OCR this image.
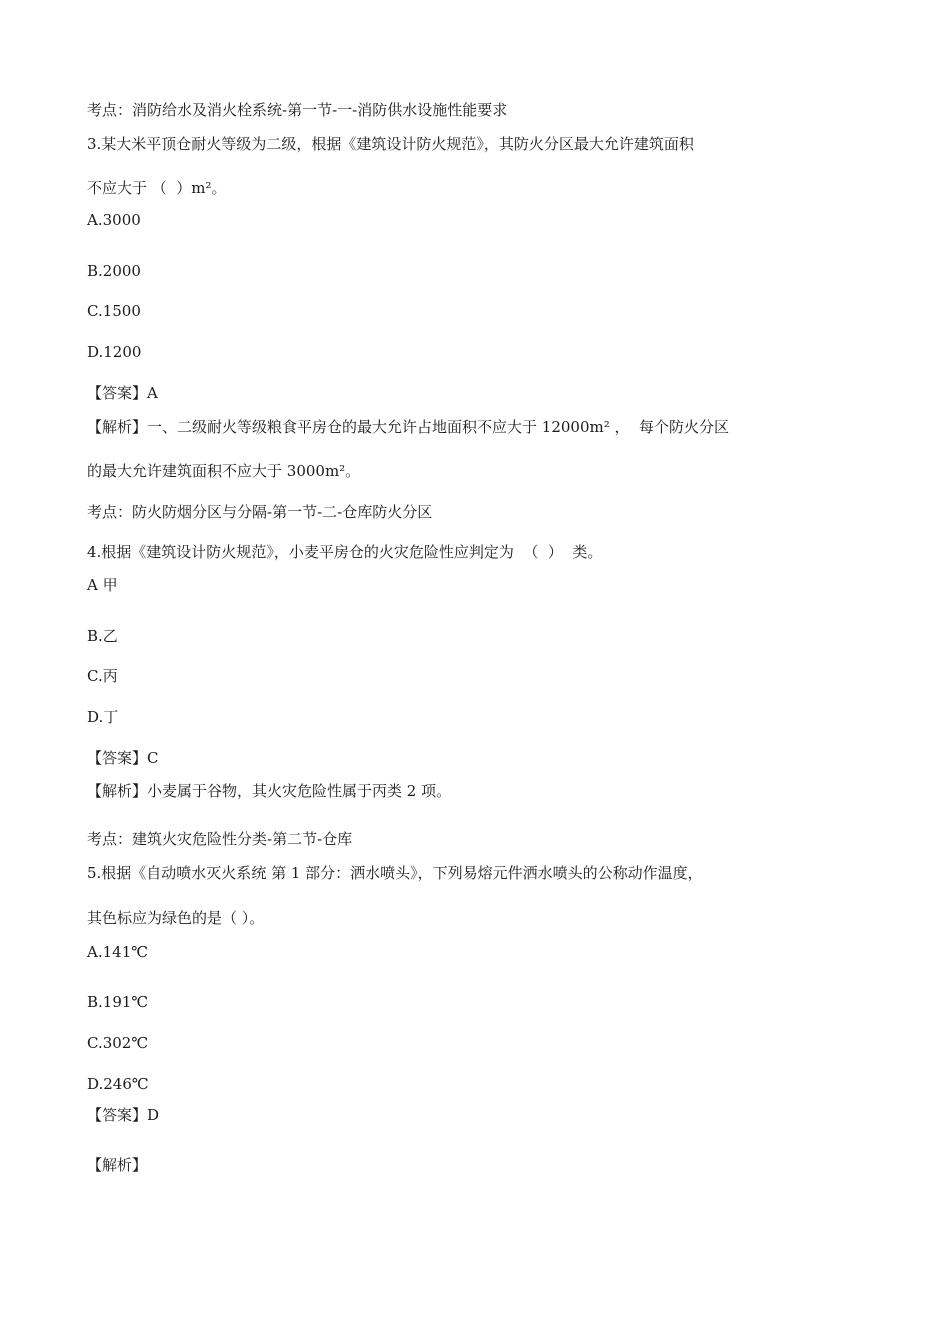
考点：消防给水及消火栓系统-第一节-一-消防供水设施性能要求
3.某大米平顶仓耐火等级为二级，根据《建筑设计防火规范》，其防火分区最大允许建筑面积
不应大于 （  ）m²。
A.3000
B.2000
C.1500
D.1200
【答案】A
【解析】一、二级耐火等级粮食平房仓的最大允许占地面积不应大于 12000m² ，  每个防火分区
的最大允许建筑面积不应大于 3000m²。
考点：防火防烟分区与分隔-第一节-二-仓库防火分区
4.根据《建筑设计防火规范》，小麦平房仓的火灾危险性应判定为  （  ）  类。
A 甲
B.乙
C.丙
D.丁
【答案】C
【解析】小麦属于谷物，其火灾危险性属于丙类 2 项。
考点：建筑火灾危险性分类-第二节-仓库
5.根据《自动喷水灭火系统 第 1 部分：洒水喷头》，下列易熔元件洒水喷头的公称动作温度，
其色标应为绿色的是（ ）。
A.141℃
B.191℃
C.302℃
D.246℃
【答案】D
【解析】
